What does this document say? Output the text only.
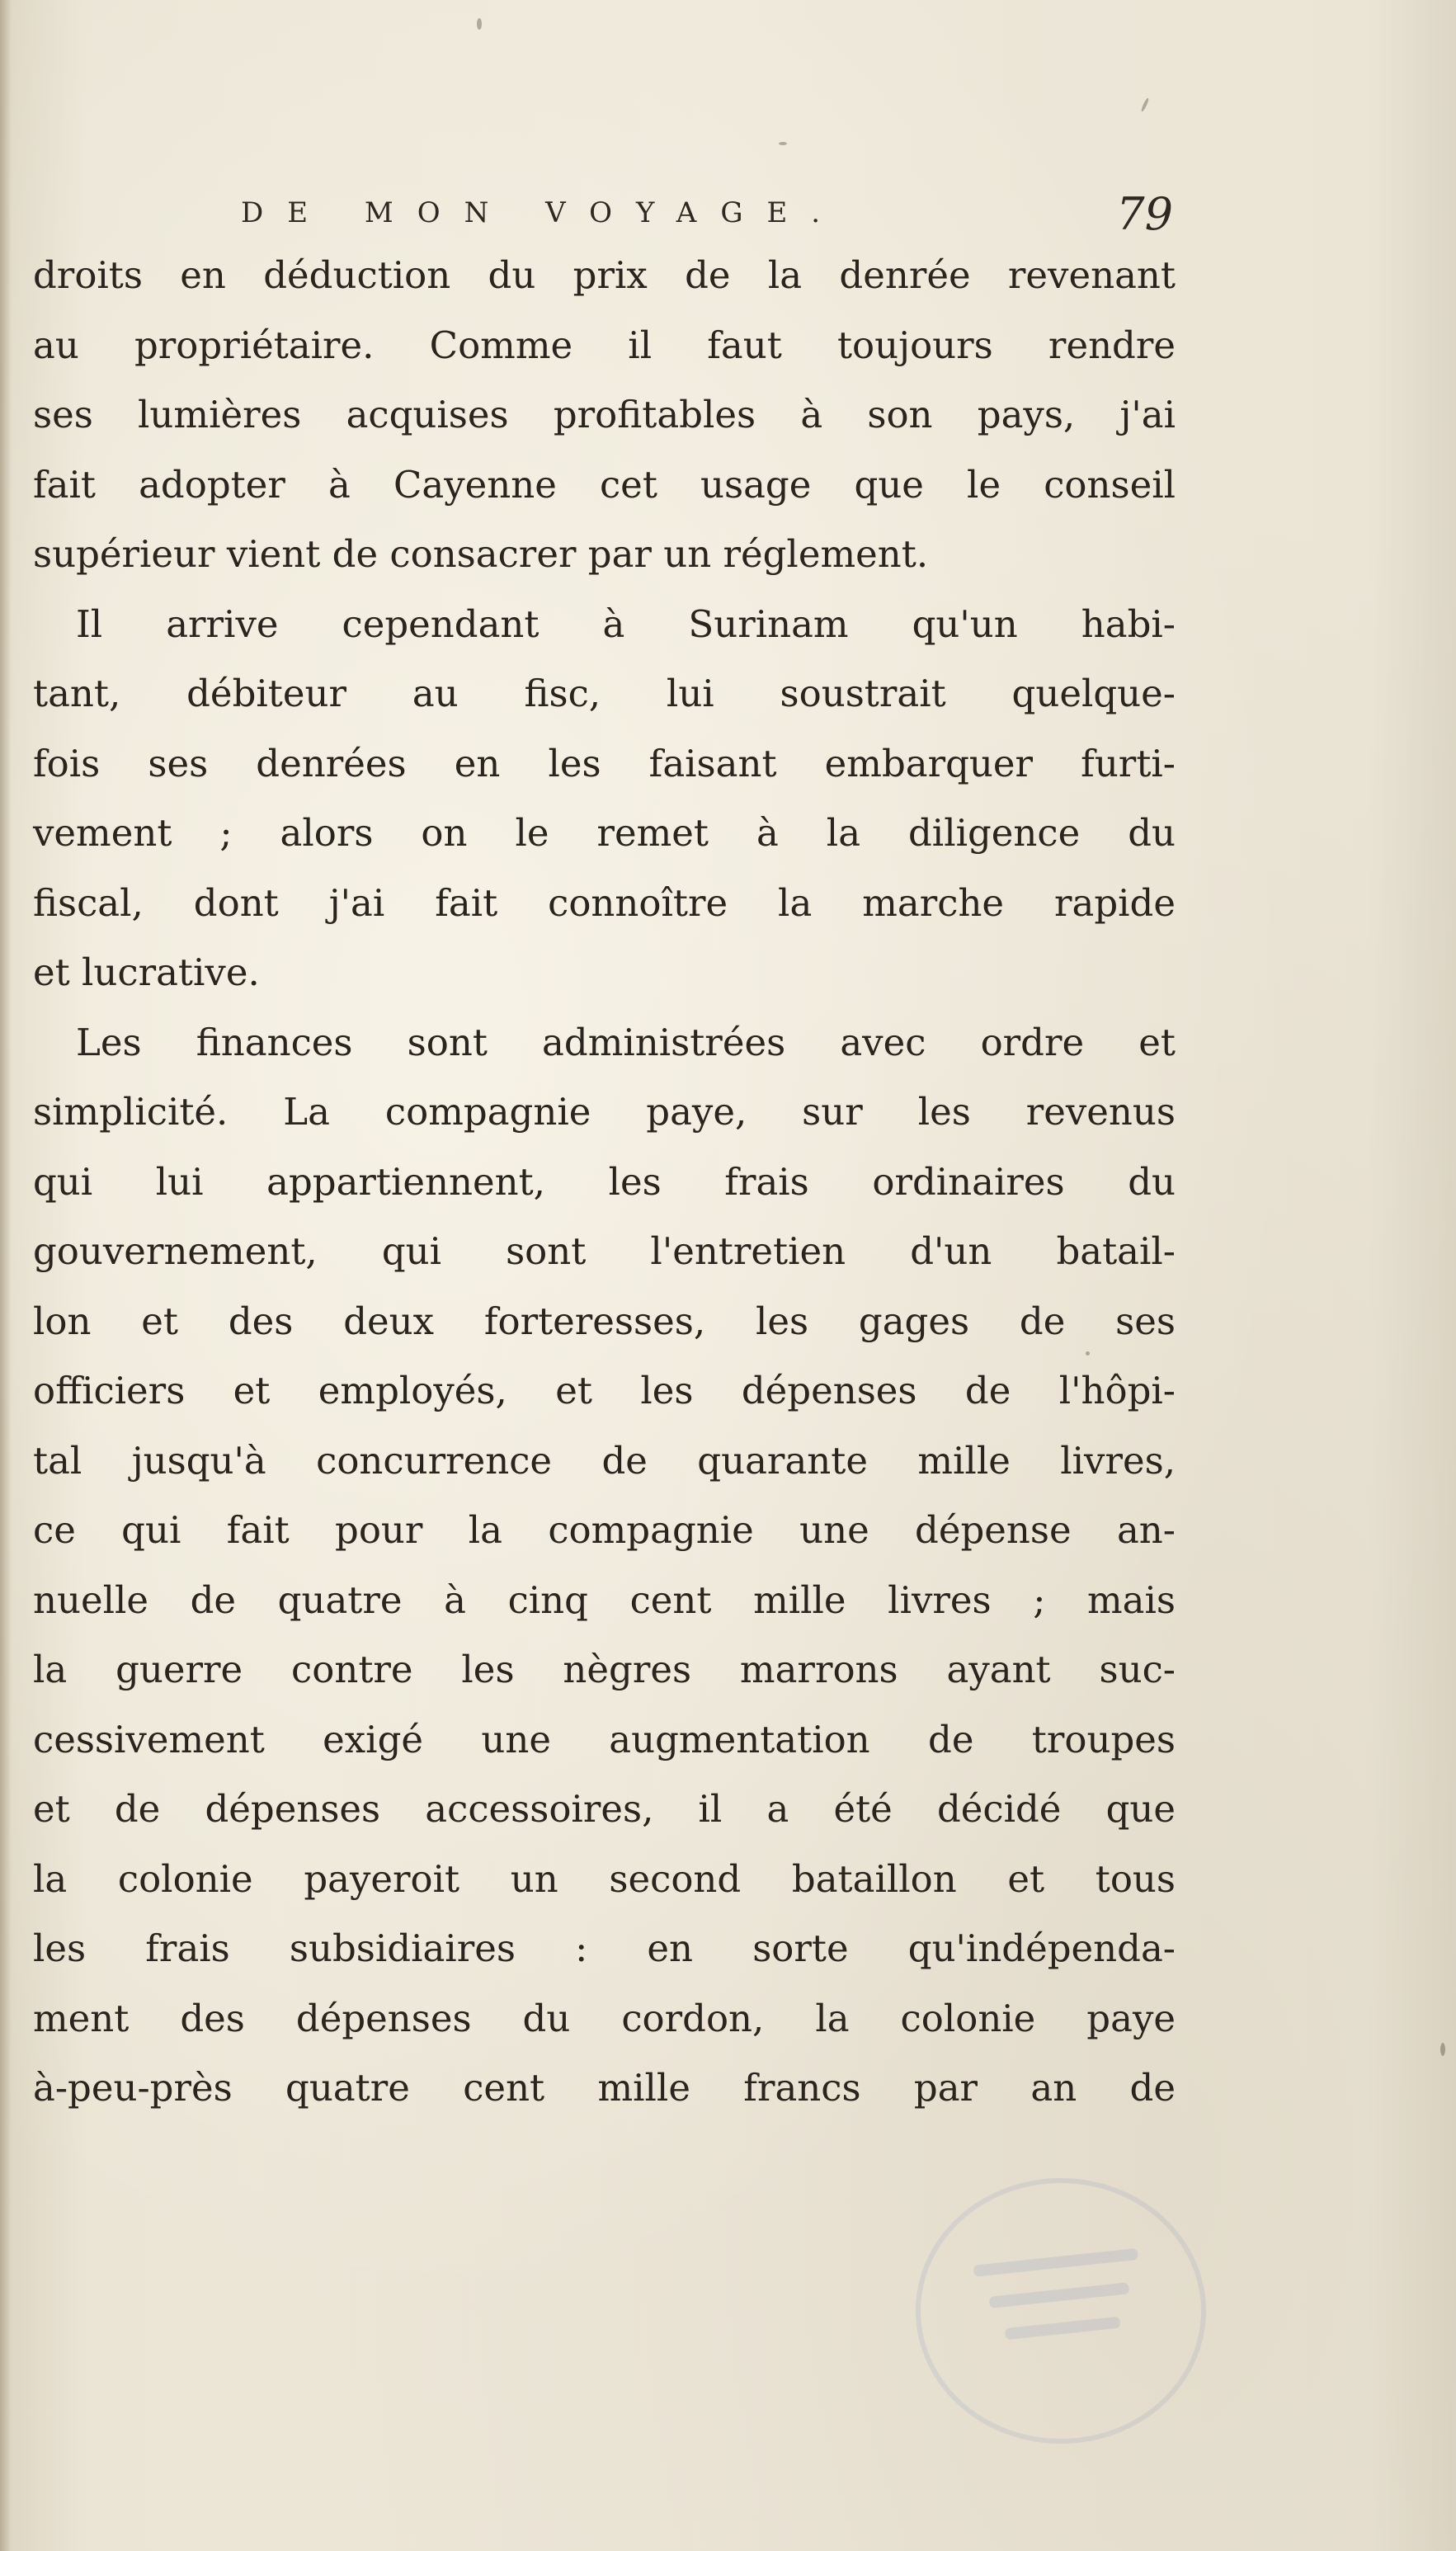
DE MON VOYAGE.	79
droits en déduction du prix de la denrée revenant
au propriétaire. Comme il faut toujours rendre
ses lumières acquises profitables à son pays, j'ai
fait adopter à Cayenne cet usage que le conseil
supérieur vient de consacrer par un réglement.
Il arrive cependant à Surinam qu'un habi-
tant, débiteur au fisc, lui soustrait quelque-
fois ses denrées en les faisant embarquer furti-
vement ; alors on le remet à la diligence du
fiscal, dont j'ai fait connoître la marche rapide
et lucrative.
Les finances sont administrées avec ordre et
simplicité. La compagnie paye, sur les revenus
qui lui appartiennent, les frais ordinaires du
gouvernement, qui sont l'entretien d'un batail-
lon et des deux forteresses, les gages de ses
officiers et employés, et les dépenses de l'hôpi-
tal jusqu'à concurrence de quarante mille livres,
ce qui fait pour la compagnie une dépense an-
nuelle de quatre à cinq cent mille livres ; mais
la guerre contre les nègres marrons ayant suc-
cessivement exigé une augmentation de troupes
et de dépenses accessoires, il a été décidé que
la colonie payeroit un second bataillon et tous
les frais subsidiaires : en sorte qu'indépenda-
ment des dépenses du cordon, la colonie paye
à-peu-près quatre cent mille francs par an de
